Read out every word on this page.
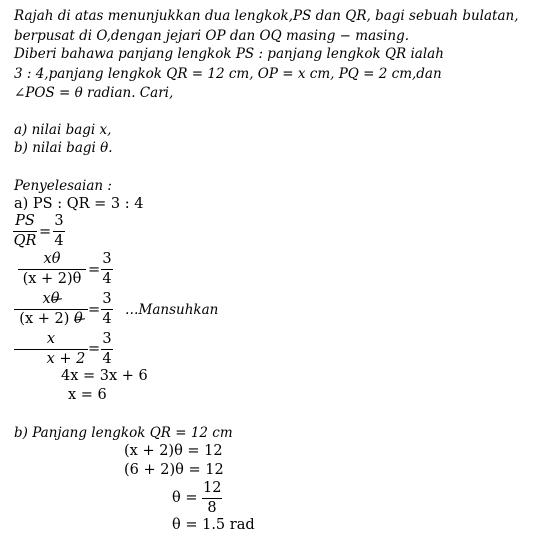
Rajah di atas menunjukkan dua lengkok,PS dan QR, bagi sebuah bulatan,
berpusat di O,dengan jejari OP dan OQ masing − masing.
Diberi bahawa panjang lengkok PS : panjang lengkok QR ialah
3 : 4,panjang lengkok QR = 12 cm, OP = x cm, PQ = 2 cm,dan
∠POS = θ radian. Cari,
a) nilai bagi x,
b) nilai bagi θ.
Penyelesaian :
a) PS : QR = 3 : 4
$\frac{PS}{QR} = \frac{3}{4}$
$\frac{x\theta}{(x + 2)\theta} = \frac{3}{4}$
$\frac{x\theta}{(x + 2) \theta} = \frac{3}{4}$ …Mansuhkan
$\frac{x}{x + 2} = \frac{3}{4}$
4x = 3x + 6
x = 6
b) Panjang lengkok QR = 12 cm
(x + 2)θ = 12
(6 + 2)θ = 12
$\theta = \frac{12}{8}$
θ = 1.5 rad
